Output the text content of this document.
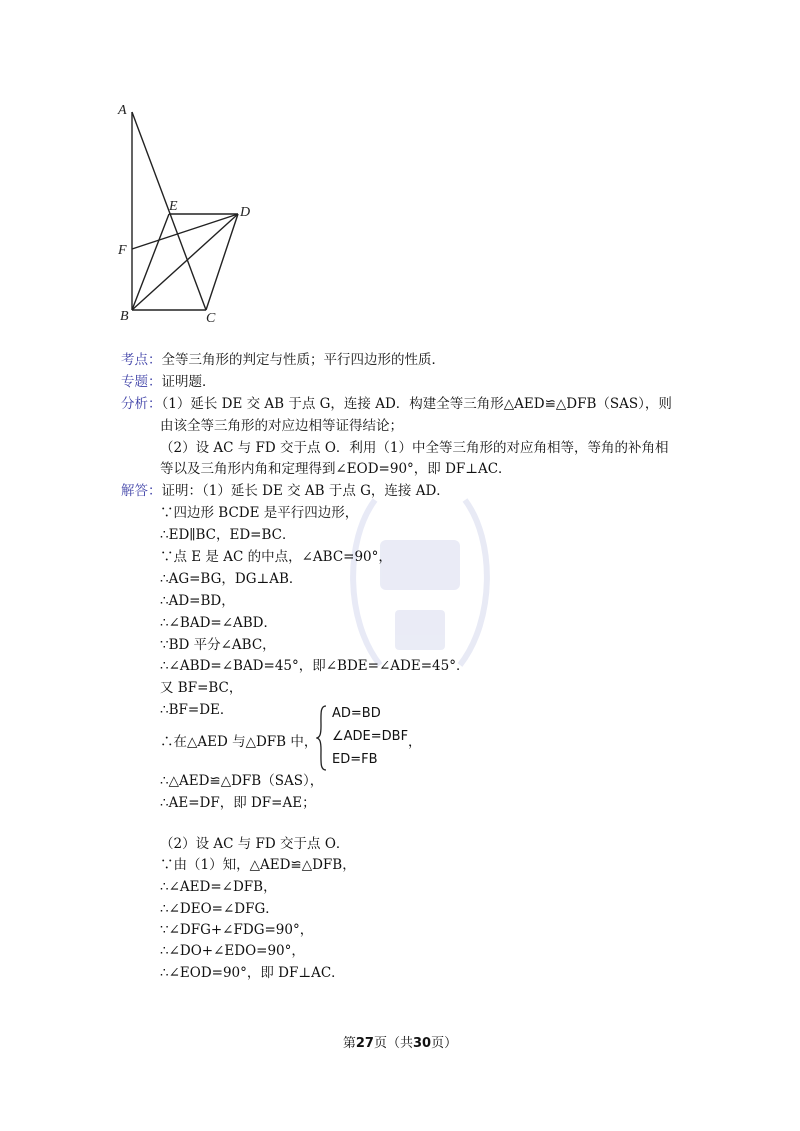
A
E	D
F
B	C
考点：全等三角形的判定与性质；平行四边形的性质．
专题：证明题．
分析：（1）延长 DE 交 AB 于点 G，连接 AD．构建全等三角形△AED≌△DFB（SAS），则
由该全等三角形的对应边相等证得结论；
（2）设 AC 与 FD 交于点 O．利用（1）中全等三角形的对应角相等，等角的补角相
等以及三角形内角和定理得到∠EOD=90°，即 DF⊥AC．
解答：证明：（1）延长 DE 交 AB 于点 G，连接 AD．
∵四边形 BCDE 是平行四边形，
∴ED∥BC，ED=BC．
∵点 E 是 AC 的中点，∠ABC=90°，
∴AG=BG，DG⊥AB．
∴AD=BD，
∴∠BAD=∠ABD．
∵BD 平分∠ABC，
∴∠ABD=∠BAD=45°，即∠BDE=∠ADE=45°．
又 BF=BC，
∴BF=DE．
∴在△AED 与△DFB 中，
AD=BD
∠ADE=DBF
ED=FB
，
∴△AED≌△DFB（SAS），
∴AE=DF，即 DF=AE；
（2）设 AC 与 FD 交于点 O．
∵由（1）知，△AED≌△DFB，
∴∠AED=∠DFB，
∴∠DEO=∠DFG．
∵∠DFG+∠FDG=90°，
∴∠DO+∠EDO=90°，
∴∠EOD=90°，即 DF⊥AC．
第27页（共30页）
